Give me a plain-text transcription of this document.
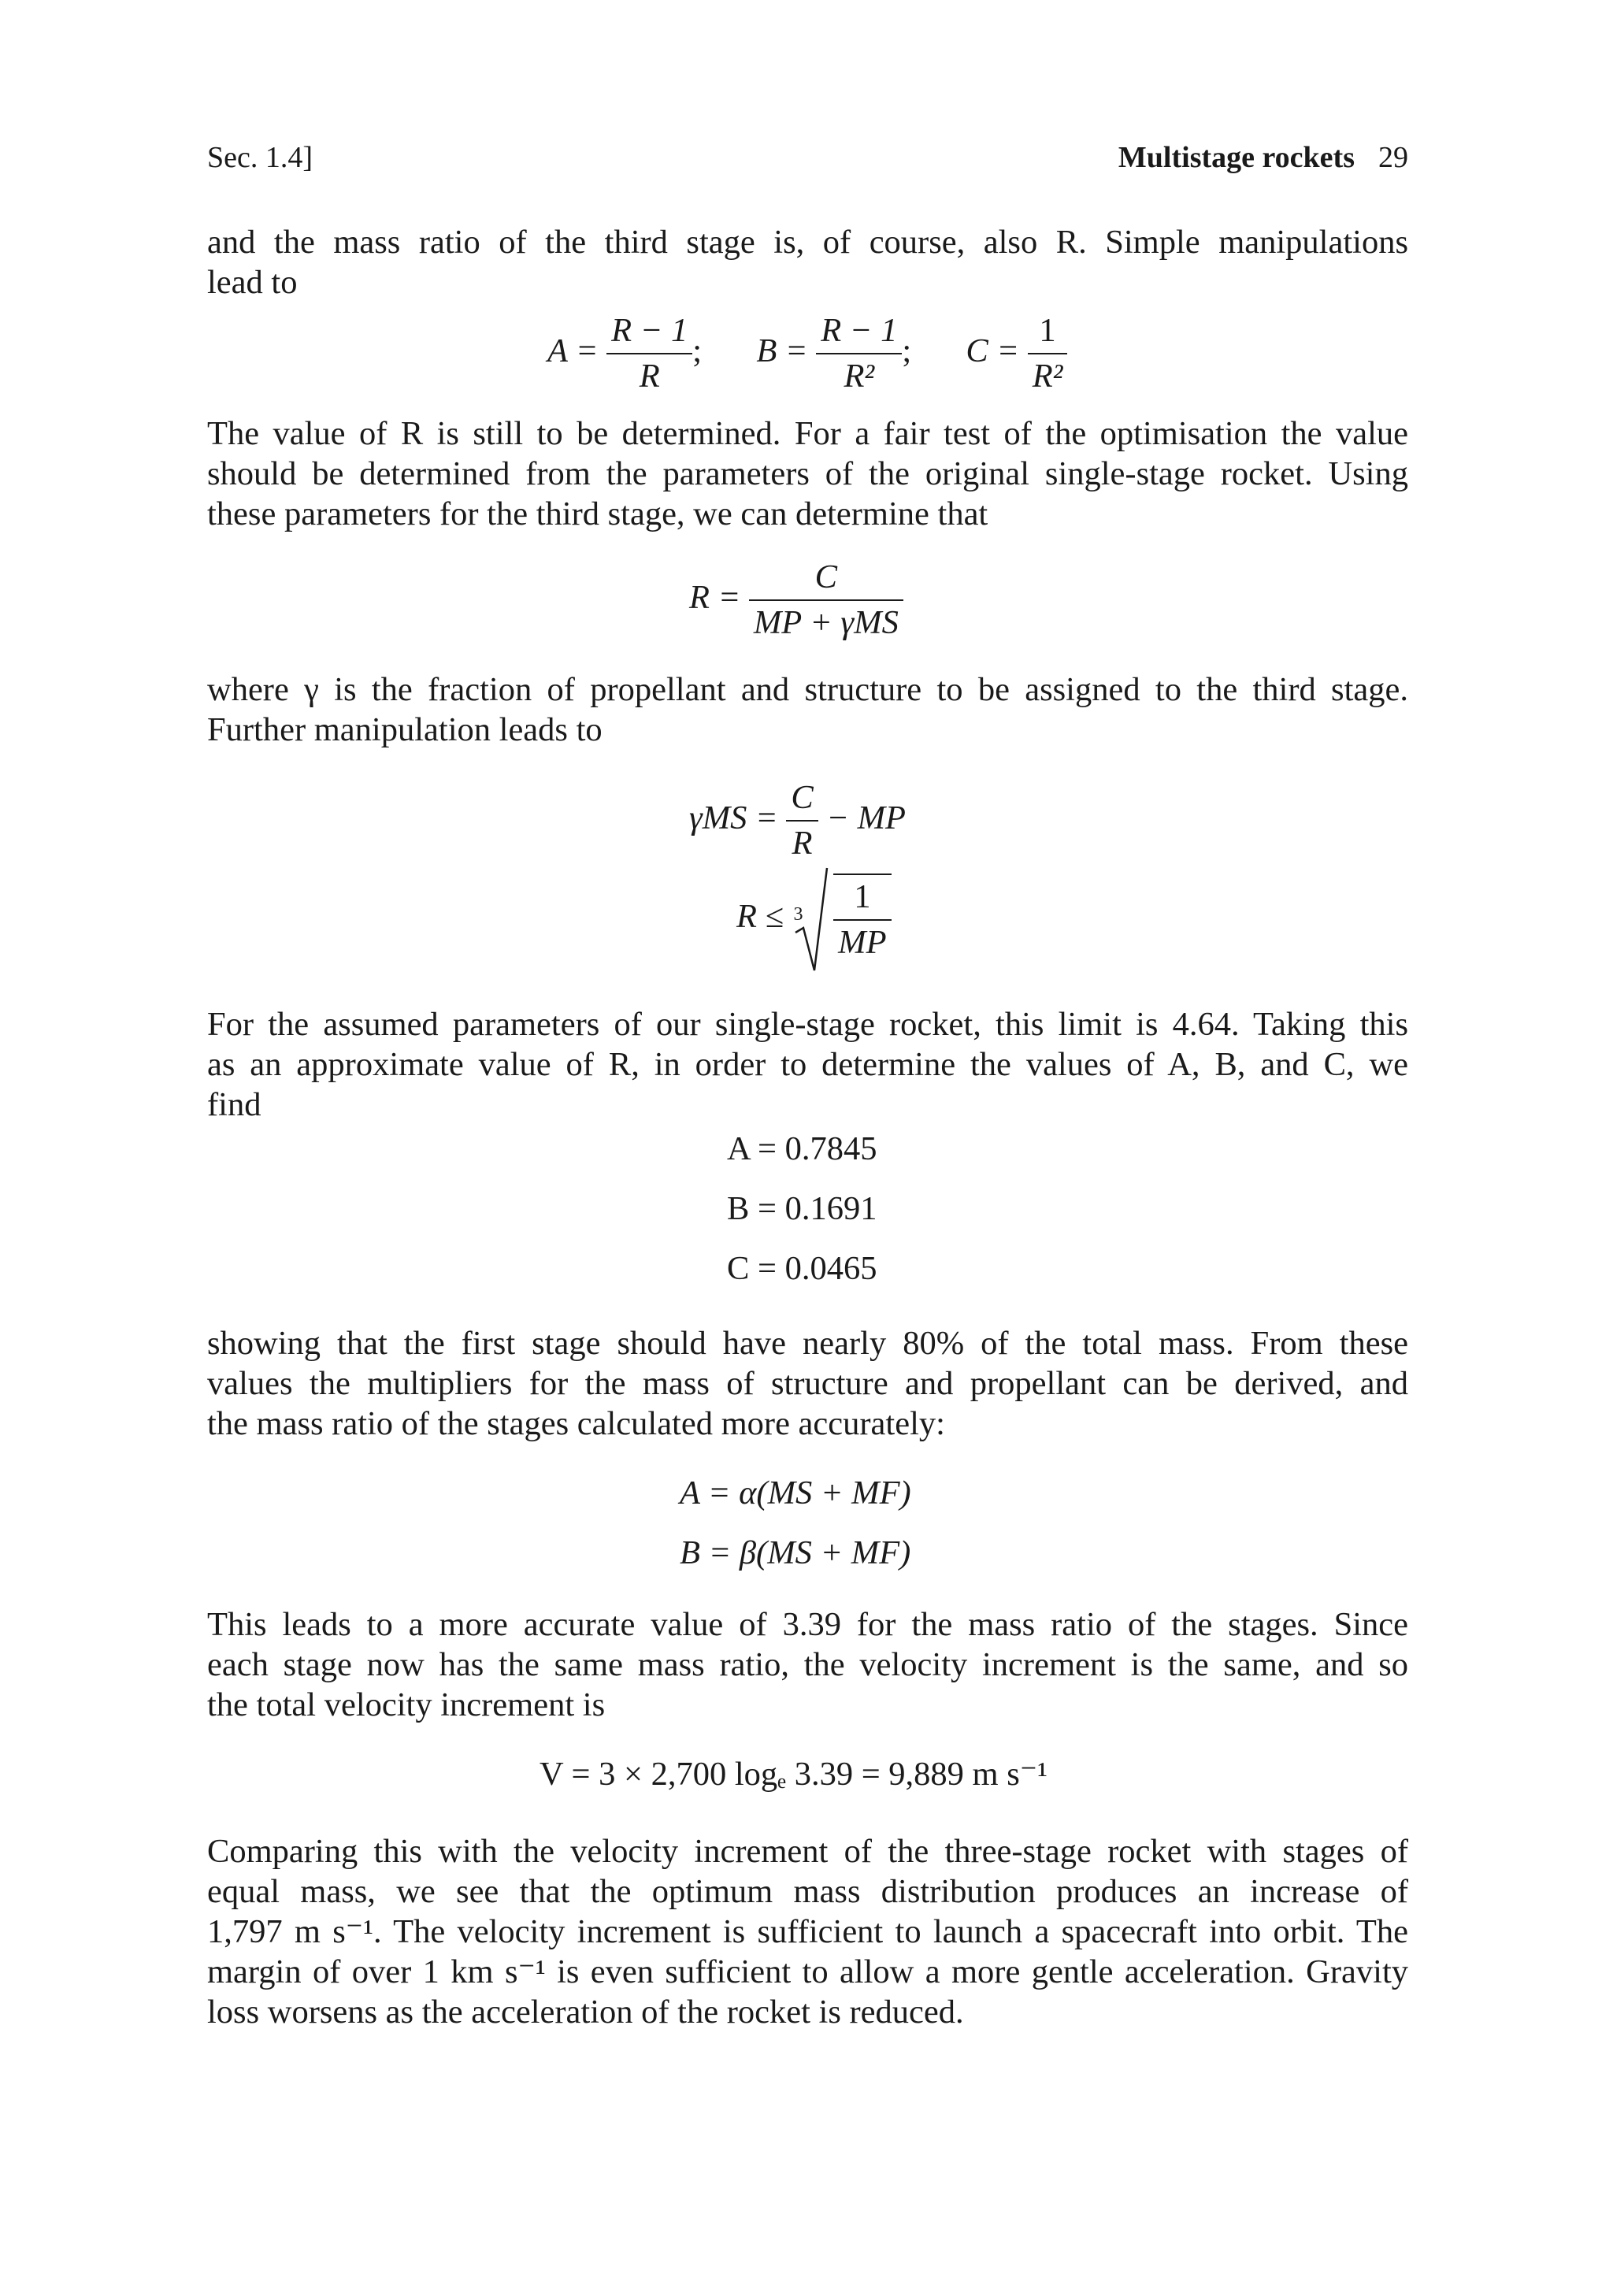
Sec. 1.4]	Multistage rockets 29

and the mass ratio of the third stage is, of course, also R. Simple manipulations
lead to

$A = \frac{R - 1}{R}$ ; $B = \frac{R - 1}{\text{R²}}$ ; $C = \frac{1}{\text{R²}}$

The value of R is still to be determined. For a fair test of the optimisation the value
should be determined from the parameters of the original single-stage rocket. Using
these parameters for the third stage, we can determine that

$R = \frac{C}{\text{MP + γMS}}$

where γ is the fraction of propellant and structure to be assigned to the third stage.
Further manipulation leads to

$\gamma MS = \frac{C}{R}$ − MP
$R \le 3 \frac{1}{MP}$

For the assumed parameters of our single-stage rocket, this limit is 4.64. Taking this
as an approximate value of R, in order to determine the values of A, B, and C, we
find

A = 0.7845
B = 0.1691
C = 0.0465

showing that the first stage should have nearly 80% of the total mass. From these
values the multipliers for the mass of structure and propellant can be derived, and
the mass ratio of the stages calculated more accurately:

A = α(MS + MF)
B = β(MS + MF)

This leads to a more accurate value of 3.39 for the mass ratio of the stages. Since
each stage now has the same mass ratio, the velocity increment is the same, and so
the total velocity increment is

V = 3 × 2,700 logₑ 3.39 = 9,889 m s⁻¹

Comparing this with the velocity increment of the three-stage rocket with stages of
equal mass, we see that the optimum mass distribution produces an increase of
1,797 m s⁻¹. The velocity increment is sufficient to launch a spacecraft into orbit. The
margin of over 1 km s⁻¹ is even sufficient to allow a more gentle acceleration. Gravity
loss worsens as the acceleration of the rocket is reduced.
